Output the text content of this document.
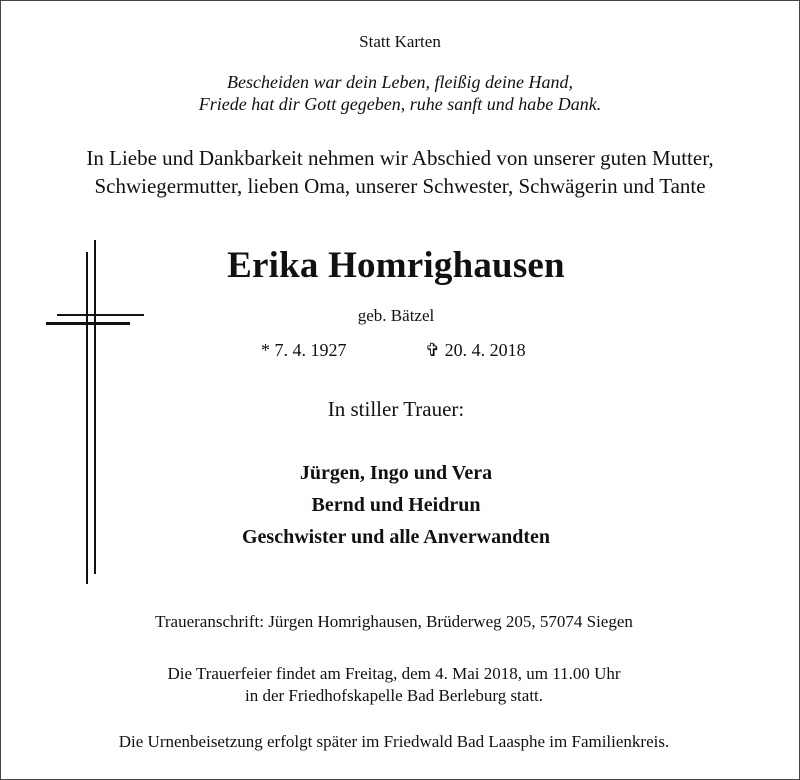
Statt Karten
Bescheiden war dein Leben, fleißig deine Hand,
Friede hat dir Gott gegeben, ruhe sanft und habe Dank.
In Liebe und Dankbarkeit nehmen wir Abschied von unserer guten Mutter,
Schwiegermutter, lieben Oma, unserer Schwester, Schwägerin und Tante
Erika Homrighausen
geb. Bätzel
* 7. 4. 1927	✞ 20. 4. 2018
In stiller Trauer:
Jürgen, Ingo und Vera
Bernd und Heidrun
Geschwister und alle Anverwandten
Traueranschrift: Jürgen Homrighausen, Brüderweg 205, 57074 Siegen
Die Trauerfeier findet am Freitag, dem 4. Mai 2018, um 11.00 Uhr
in der Friedhofskapelle Bad Berleburg statt.
Die Urnenbeisetzung erfolgt später im Friedwald Bad Laasphe im Familienkreis.
